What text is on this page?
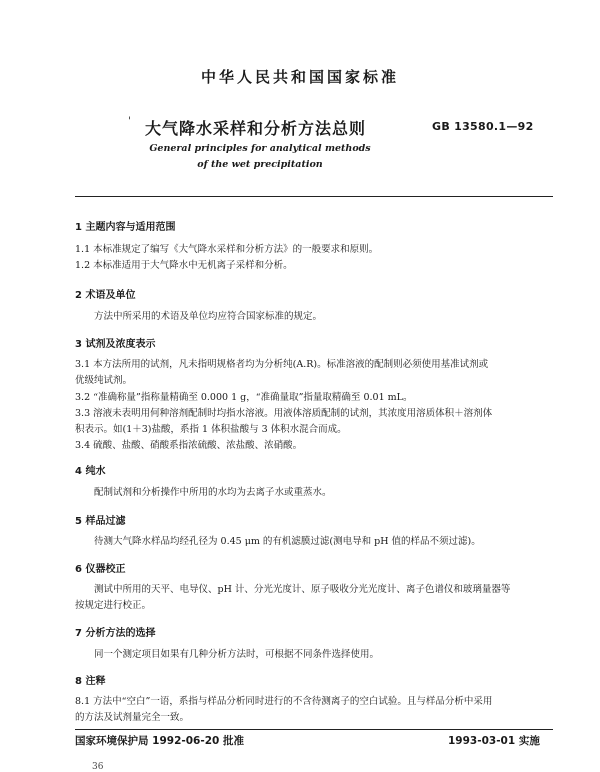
中华人民共和国国家标准
' 大气降水采样和分析方法总则	GB 13580.1—92
General principles for analytical methods
of the wet precipitation
1 主题内容与适用范围
1.1 本标准规定了编写《大气降水采样和分析方法》的一般要求和原则。
1.2 本标准适用于大气降水中无机离子采样和分析。
2 术语及单位
方法中所采用的术语及单位均应符合国家标准的规定。
3 试剂及浓度表示
3.1 本方法所用的试剂，凡未指明规格者均为分析纯(A.R)。标准溶液的配制则必须使用基准试剂或
优级纯试剂。
3.2 “准确称量”指称量精确至 0.000 1 g，“准确量取”指量取精确至 0.01 mL。
3.3 溶液未表明用何种溶剂配制时均指水溶液。用液体溶质配制的试剂，其浓度用溶质体积＋溶剂体
积表示。如(1＋3)盐酸，系指 1 体积盐酸与 3 体积水混合而成。
3.4 硫酸、盐酸、硝酸系指浓硫酸、浓盐酸、浓硝酸。
4 纯水
配制试剂和分析操作中所用的水均为去离子水或重蒸水。
5 样品过滤
待测大气降水样品均经孔径为 0.45 μm 的有机滤膜过滤(测电导和 pH 值的样品不须过滤)。
6 仪器校正
测试中所用的天平、电导仪、pH 计、分光光度计、原子吸收分光光度计、离子色谱仪和玻璃量器等
按规定进行校正。
7 分析方法的选择
同一个测定项目如果有几种分析方法时，可根据不同条件选择使用。
8 注释
8.1 方法中“空白”一语，系指与样品分析同时进行的不含待测离子的空白试验。且与样品分析中采用
的方法及试剂量完全一致。
国家环境保护局 1992-06-20 批准	1993-03-01 实施
36
